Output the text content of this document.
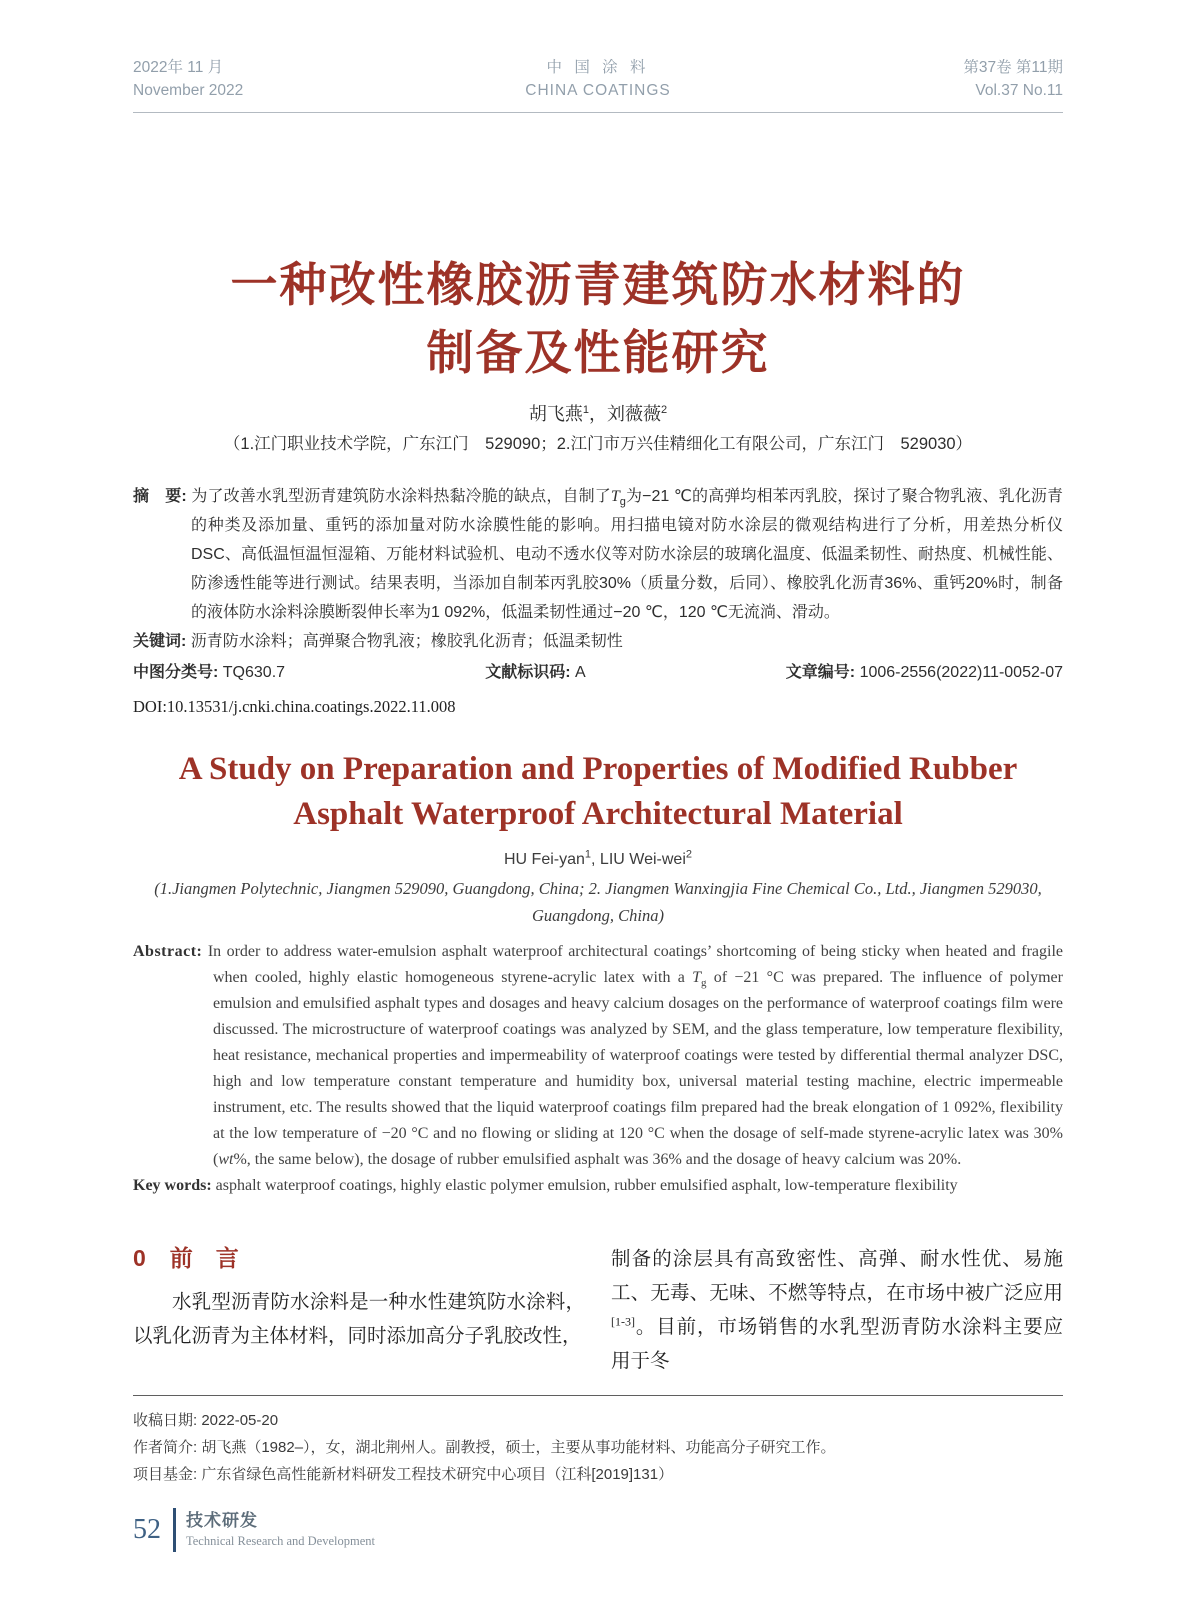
2022年 11 月
November 2022
中 国 涂 料
CHINA COATINGS
第37卷 第11期
Vol.37 No.11
一种改性橡胶沥青建筑防水材料的
制备及性能研究
胡飞燕$^1$，刘薇薇$^2$
（1.江门职业技术学院，广东江门　529090；2.江门市万兴佳精细化工有限公司，广东江门　529030）

摘　要: 为了改善水乳型沥青建筑防水涂料热黏冷脆的缺点，自制了$T_g$为−21 ℃的高弹均相苯丙乳胶，探讨了聚合物乳液、乳化沥青的种类及添加量、重钙的添加量对防水涂膜性能的影响。用扫描电镜对防水涂层的微观结构进行了分析，用差热分析仪DSC、高低温恒温恒湿箱、万能材料试验机、电动不透水仪等对防水涂层的玻璃化温度、低温柔韧性、耐热度、机械性能、防渗透性能等进行测试。结果表明，当添加自制苯丙乳胶30%（质量分数，后同）、橡胶乳化沥青36%、重钙20%时，制备的液体防水涂料涂膜断裂伸长率为1 092%，低温柔韧性通过−20 ℃，120 ℃无流淌、滑动。

关键词: 沥青防水涂料；高弹聚合物乳液；橡胶乳化沥青；低温柔韧性

中图分类号: TQ630.7	文献标识码: A	文章编号: 1006-2556(2022)11-0052-07

DOI:10.13531/j.cnki.china.coatings.2022.11.008

A Study on Preparation and Properties of Modified Rubber
Asphalt Waterproof Architectural Material
HU Fei-yan$^1$, LIU Wei-wei$^2$
(1.Jiangmen Polytechnic, Jiangmen 529090, Guangdong, China; 2. Jiangmen Wanxingjia Fine Chemical Co., Ltd., Jiangmen 529030, Guangdong, China)

Abstract: In order to address water-emulsion asphalt waterproof architectural coatings’ shortcoming of being sticky when heated and fragile when cooled, highly elastic homogeneous styrene-acrylic latex with a $T_g$ of −21 °C was prepared. The influence of polymer emulsion and emulsified asphalt types and dosages and heavy calcium dosages on the performance of waterproof coatings film were discussed. The microstructure of waterproof coatings was analyzed by SEM, and the glass temperature, low temperature flexibility, heat resistance, mechanical properties and impermeability of waterproof coatings were tested by differential thermal analyzer DSC, high and low temperature constant temperature and humidity box, universal material testing machine, electric impermeable instrument, etc. The results showed that the liquid waterproof coatings film prepared had the break elongation of 1 092%, flexibility at the low temperature of −20 °C and no flowing or sliding at 120 °C when the dosage of self-made styrene-acrylic latex was 30% (wt%, the same below), the dosage of rubber emulsified asphalt was 36% and the dosage of heavy calcium was 20%.

Key words: asphalt waterproof coatings, highly elastic polymer emulsion, rubber emulsified asphalt, low-temperature flexibility

0 前　言

水乳型沥青防水涂料是一种水性建筑防水涂料，以乳化沥青为主体材料，同时添加高分子乳胶改性，

制备的涂层具有高致密性、高弹、耐水性优、易施工、无毒、无味、不燃等特点，在市场中被广泛应用[1-3]。目前，市场销售的水乳型沥青防水涂料主要应用于冬

收稿日期: 2022-05-20

作者简介: 胡飞燕（1982–），女，湖北荆州人。副教授，硕士，主要从事功能材料、功能高分子研究工作。

项目基金: 广东省绿色高性能新材料研发工程技术研究中心项目（江科[2019]131）

52 技术研发
Technical Research and Development
